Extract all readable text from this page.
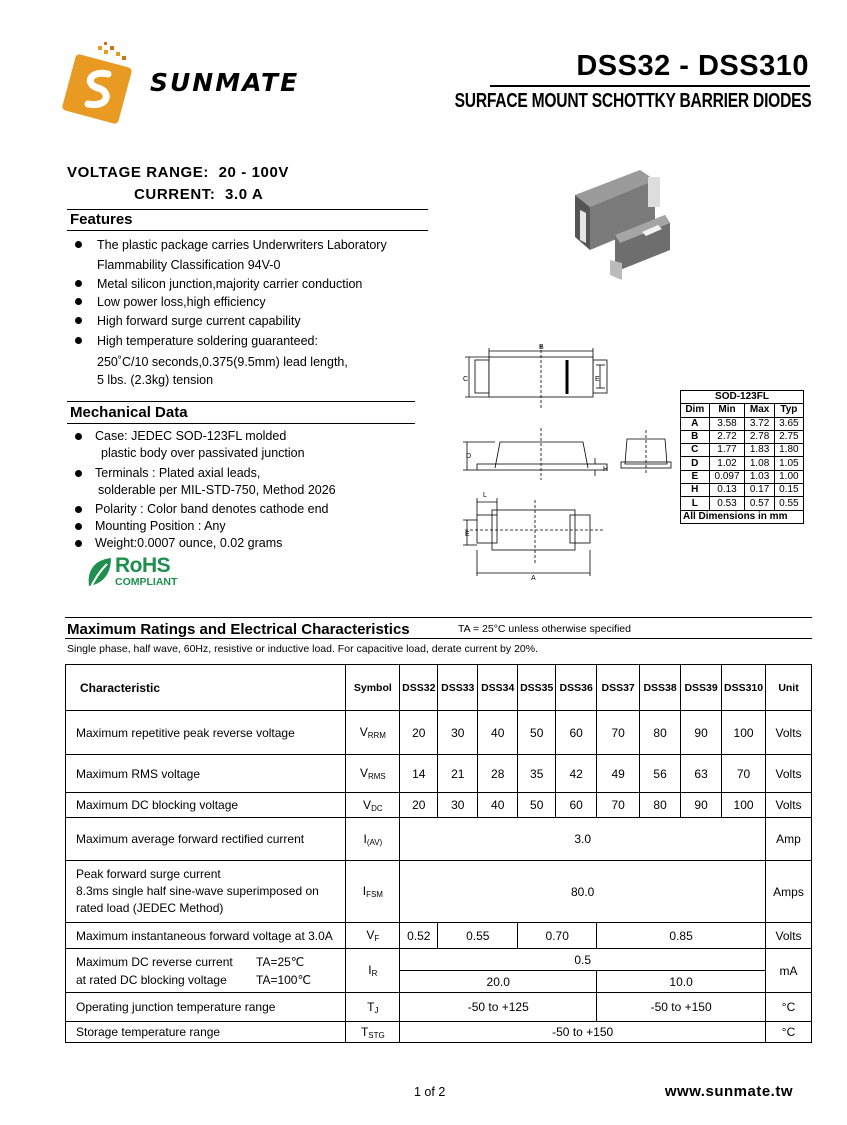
SUNMATE
DSS32 - DSS310
SURFACE MOUNT SCHOTTKY BARRIER DIODES
VOLTAGE RANGE: 20 - 100V
CURRENT: 3.0 A
Features
The plastic package carries Underwriters Laboratory
Flammability Classification 94V-0
Metal silicon junction,majority carrier conduction
Low power loss,high efficiency
High forward surge current capability
High temperature soldering guaranteed:
250˚C/10 seconds,0.375(9.5mm) lead length,
5 lbs. (2.3kg) tension
Mechanical Data
Case: JEDEC SOD-123FL molded
plastic body over passivated junction
Terminals : Plated axial leads,
solderable per MIL-STD-750, Method 2026
Polarity : Color band denotes cathode end
Mounting Position : Any
Weight:0.0007 ounce, 0.02 grams
RoHS
COMPLIANT
B
C	E
D
H
L
E
A
SOD-123FL			
Dim	Min	Max	Typ
A	3.58	3.72	3.65
B	2.72	2.78	2.75
C	1.77	1.83	1.80
D	1.02	1.08	1.05
E	0.097	1.03	1.00
H	0.13	0.17	0.15
L	0.53	0.57	0.55
All Dimensions in mm			
Maximum Ratings and Electrical Characteristics	TA = 25°C unless otherwise specified
Single phase, half wave, 60Hz, resistive or inductive load. For capacitive load, derate current by 20%.
Characteristic	Symbol	DSS32	DSS33	DSS34	DSS35	DSS36	DSS37	DSS38	DSS39	DSS310	Unit
Maximum repetitive peak reverse voltage	$V_{RRM}$	20	30	40	50	60	70	80	90	100	Volts
Maximum RMS voltage	$V_{RMS}$	14	21	28	35	42	49	56	63	70	Volts
Maximum DC blocking voltage	$V_{DC}$	20	30	40	50	60	70	80	90	100	Volts
Maximum average forward rectified current	$I_{(AV)}$	3.0									Amp

Peak forward surge current
8.3ms single half sine-wave superimposed on
rated load (JEDEC Method)	$I_{FSM}$	80.0									Amps
Maximum instantaneous forward voltage at 3.0A	$V_F$	0.52	0.55		0.70		0.85				Volts

Maximum DC reverse current TA=25℃
at rated DC blocking voltage TA=100℃	$I_R$	0.5									mA
		20.0					10.0				
Operating junction temperature range	$T_J$	-50 to +125					-50 to +150				°C
Storage temperature range	$T_{STG}$	-50 to +150									°C
1 of 2	www.sunmate.tw
